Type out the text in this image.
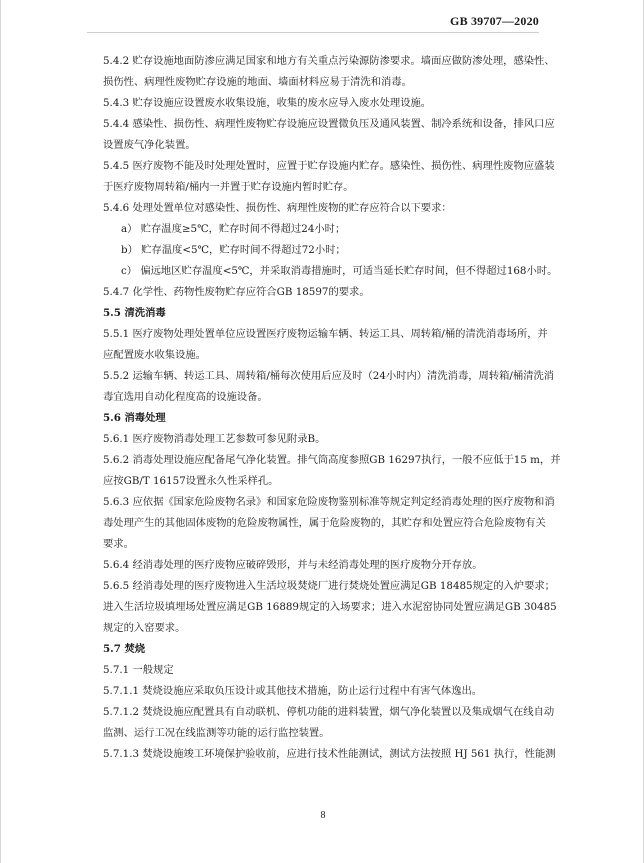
GB 39707—2020

5.4.2 贮存设施地面防渗应满足国家和地方有关重点污染源防渗要求。墙面应做防渗处理，感染性、

损伤性、病理性废物贮存设施的地面、墙面材料应易于清洗和消毒。

5.4.3 贮存设施应设置废水收集设施，收集的废水应导入废水处理设施。

5.4.4 感染性、损伤性、病理性废物贮存设施应设置微负压及通风装置、制冷系统和设备，排风口应

设置废气净化装置。

5.4.5 医疗废物不能及时处理处置时，应置于贮存设施内贮存。感染性、损伤性、病理性废物应盛装

于医疗废物周转箱/桶内一并置于贮存设施内暂时贮存。

5.4.6 处理处置单位对感染性、损伤性、病理性废物的贮存应符合以下要求：

a） 贮存温度≥5℃，贮存时间不得超过24小时；

b） 贮存温度<5℃，贮存时间不得超过72小时；

c） 偏远地区贮存温度<5℃，并采取消毒措施时，可适当延长贮存时间，但不得超过168小时。

5.4.7 化学性、药物性废物贮存应符合GB 18597的要求。

5.5 清洗消毒

5.5.1 医疗废物处理处置单位应设置医疗废物运输车辆、转运工具、周转箱/桶的清洗消毒场所，并

应配置废水收集设施。

5.5.2 运输车辆、转运工具、周转箱/桶每次使用后应及时（24小时内）清洗消毒，周转箱/桶清洗消

毒宜选用自动化程度高的设施设备。

5.6 消毒处理

5.6.1 医疗废物消毒处理工艺参数可参见附录B。

5.6.2 消毒处理设施应配备尾气净化装置。排气筒高度参照GB 16297执行，一般不应低于15 m，并

应按GB/T 16157设置永久性采样孔。

5.6.3 应依据《国家危险废物名录》和国家危险废物鉴别标准等规定判定经消毒处理的医疗废物和消

毒处理产生的其他固体废物的危险废物属性，属于危险废物的，其贮存和处置应符合危险废物有关

要求。

5.6.4 经消毒处理的医疗废物应破碎毁形，并与未经消毒处理的医疗废物分开存放。

5.6.5 经消毒处理的医疗废物进入生活垃圾焚烧厂进行焚烧处置应满足GB 18485规定的入炉要求；

进入生活垃圾填埋场处置应满足GB 16889规定的入场要求；进入水泥窑协同处置应满足GB 30485

规定的入窑要求。

5.7 焚烧

5.7.1 一般规定

5.7.1.1 焚烧设施应采取负压设计或其他技术措施，防止运行过程中有害气体逸出。

5.7.1.2 焚烧设施应配置具有自动联机、停机功能的进料装置，烟气净化装置以及集成烟气在线自动

监测、运行工况在线监测等功能的运行监控装置。

5.7.1.3 焚烧设施竣工环境保护验收前，应进行技术性能测试，测试方法按照 HJ 561 执行，性能测

8
